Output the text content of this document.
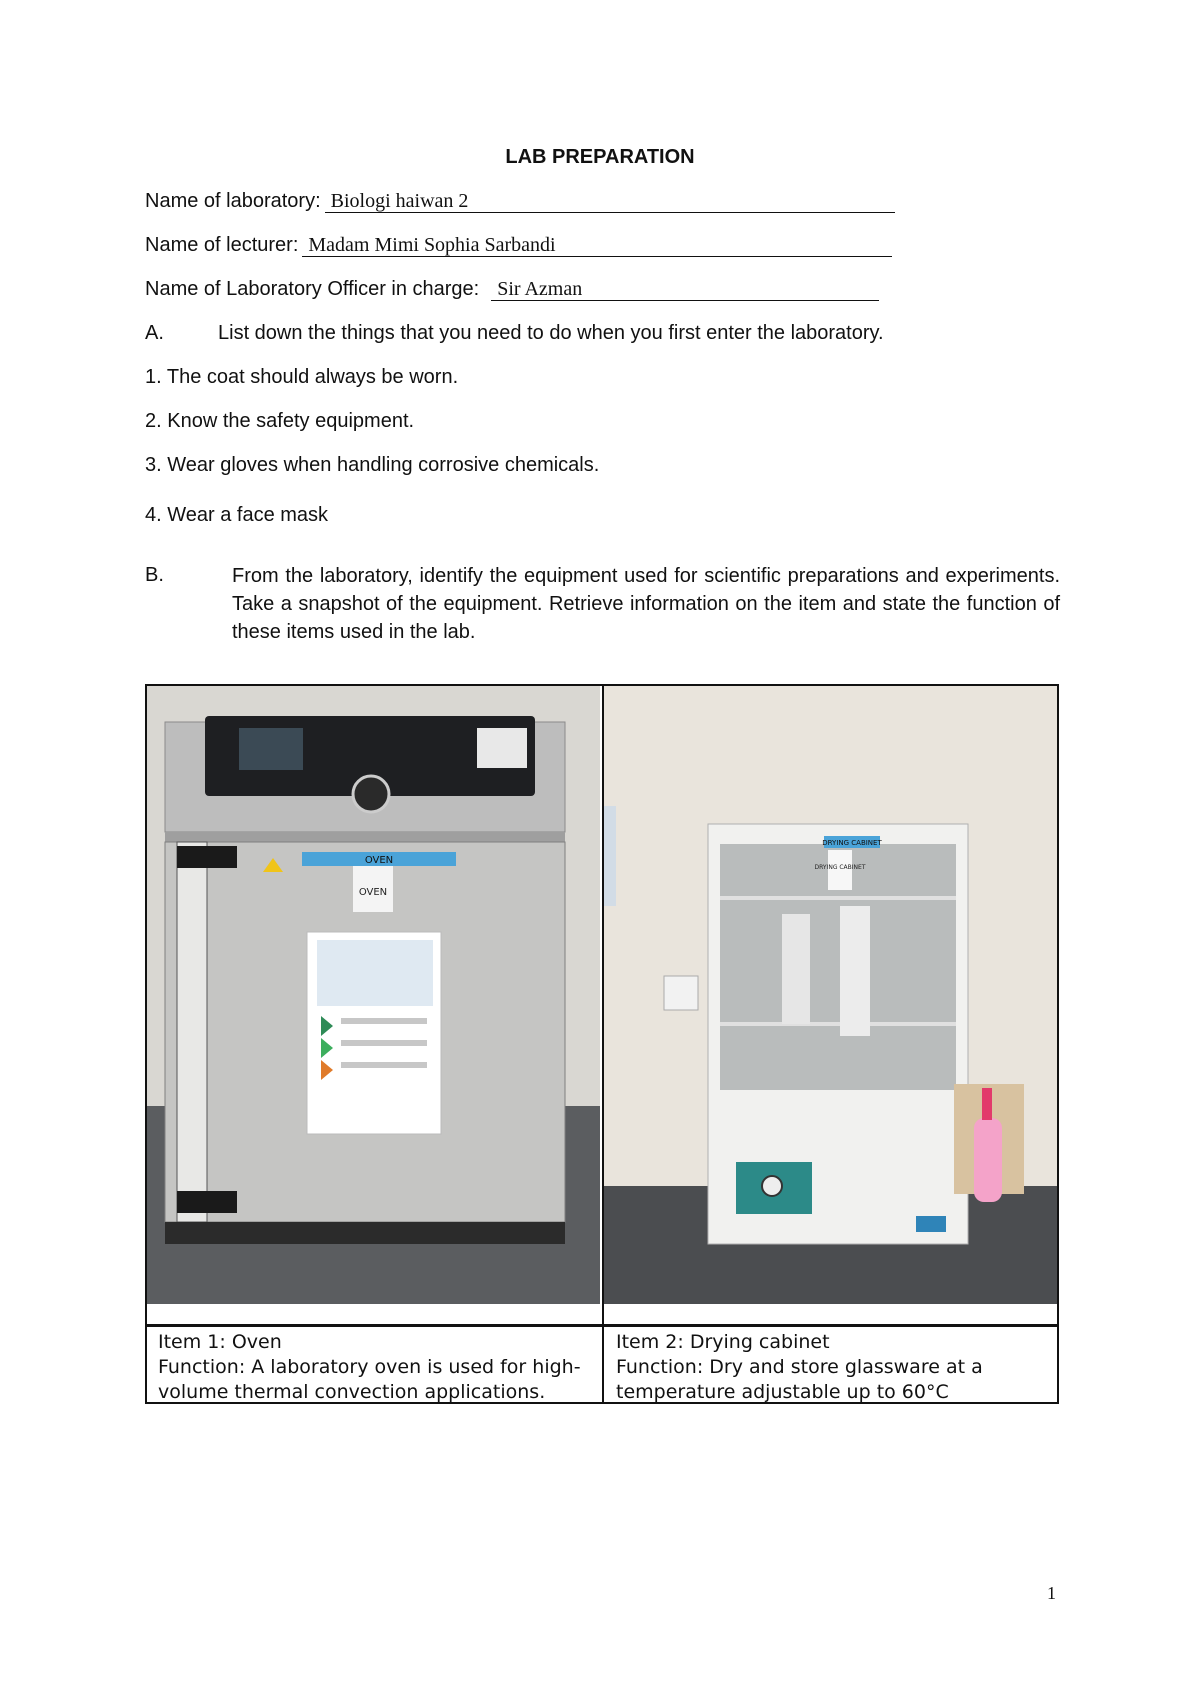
LAB PREPARATION
Name of laboratory: Biologi haiwan 2
Name of lecturer: Madam Mimi Sophia Sarbandi
Name of Laboratory Officer in charge: Sir Azman
A.	List down the things that you need to do when you first enter the laboratory.
1. The coat should always be worn.
2. Know the safety equipment.
3. Wear gloves when handling corrosive chemicals.
4. Wear a face mask
B.	From the laboratory, identify the equipment used for scientific preparations and experiments. Take a snapshot of the equipment. Retrieve information on the item and state the function of these items used in the lab.
OVEN
OVEN
DRYING CABINET
DRYING CABINET
Item 1: Oven
Function: A laboratory oven is used for high-
volume thermal convection applications.
Item 2: Drying cabinet
Function: Dry and store glassware at a
temperature adjustable up to 60°C
1
